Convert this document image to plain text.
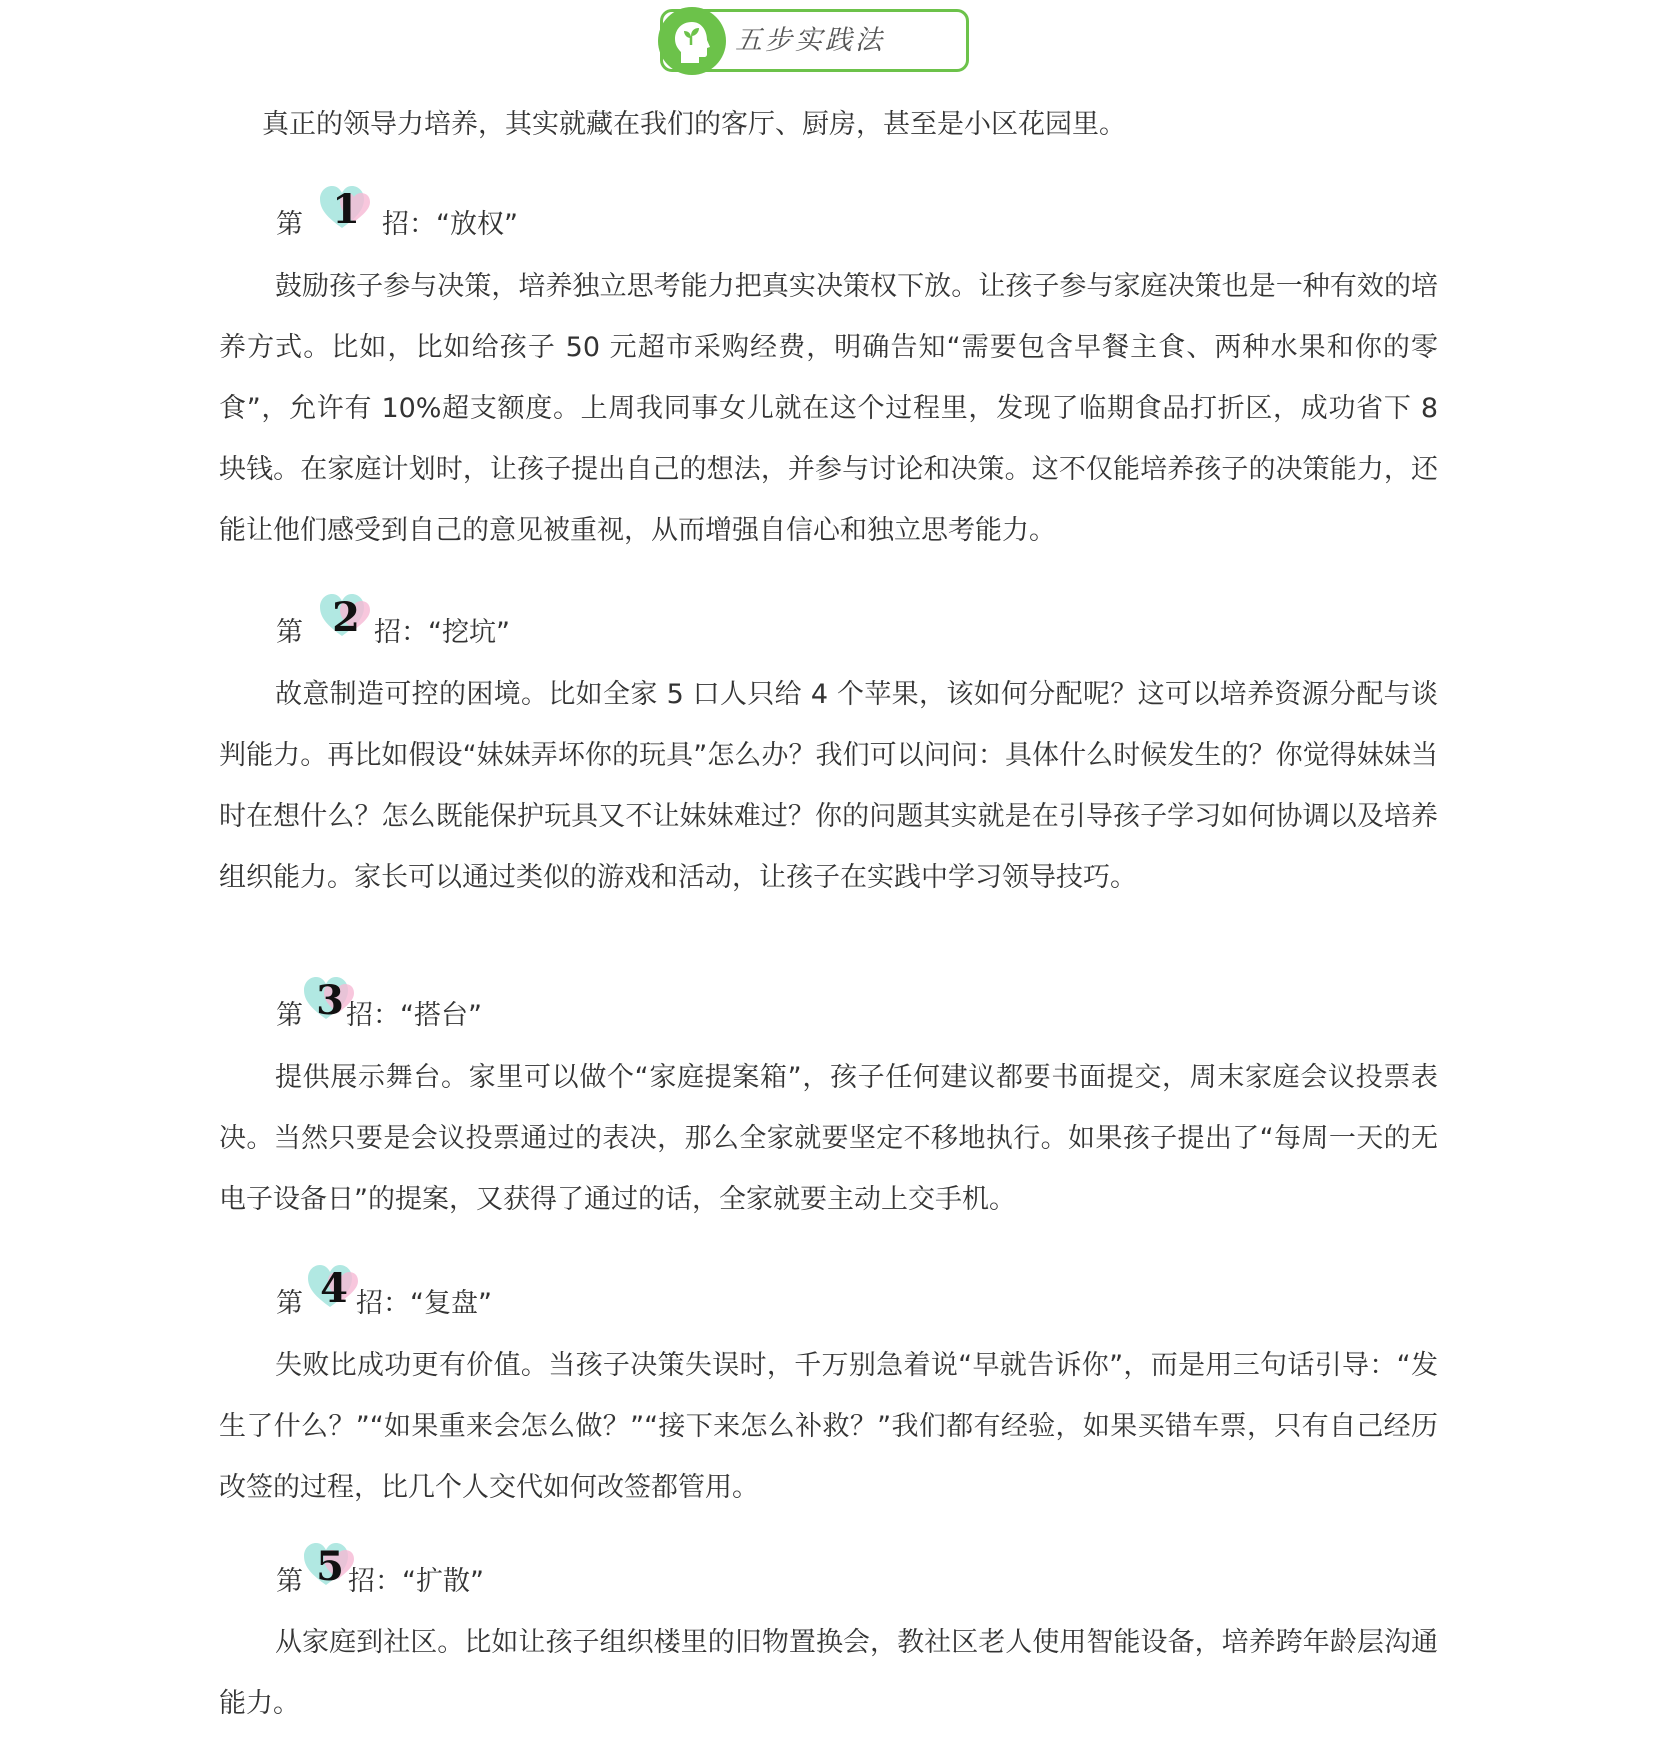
五步实践法
真正的领导力培养，其实就藏在我们的客厅、厨房，甚至是小区花园里。
第 1 招：“放权”

鼓励孩子参与决策，培养独立思考能力把真实决策权下放。让孩子参与家庭决策也是一种有效的培养方式。比如，比如给孩子 50 元超市采购经费，明确告知“需要包含早餐主食、两种水果和你的零食”，允许有 10%超支额度。上周我同事女儿就在这个过程里，发现了临期食品打折区，成功省下 8 块钱。在家庭计划时，让孩子提出自己的想法，并参与讨论和决策。这不仅能培养孩子的决策能力，还能让他们感受到自己的意见被重视，从而增强自信心和独立思考能力。

第 2 招：“挖坑”

故意制造可控的困境。比如全家 5 口人只给 4 个苹果，该如何分配呢？这可以培养资源分配与谈判能力。再比如假设“妹妹弄坏你的玩具”怎么办？我们可以问问：具体什么时候发生的？你觉得妹妹当时在想什么？怎么既能保护玩具又不让妹妹难过？你的问题其实就是在引导孩子学习如何协调以及培养组织能力。家长可以通过类似的游戏和活动，让孩子在实践中学习领导技巧。

第 3 招：“搭台”

提供展示舞台。家里可以做个“家庭提案箱”，孩子任何建议都要书面提交，周末家庭会议投票表决。当然只要是会议投票通过的表决，那么全家就要坚定不移地执行。如果孩子提出了“每周一天的无电子设备日”的提案，又获得了通过的话，全家就要主动上交手机。

第 4 招：“复盘”

失败比成功更有价值。当孩子决策失误时，千万别急着说“早就告诉你”，而是用三句话引导：“发生了什么？”“如果重来会怎么做？”“接下来怎么补救？”我们都有经验，如果买错车票，只有自己经历改签的过程，比几个人交代如何改签都管用。

第 5 招：“扩散”

从家庭到社区。比如让孩子组织楼里的旧物置换会，教社区老人使用智能设备，培养跨年龄层沟通能力。
